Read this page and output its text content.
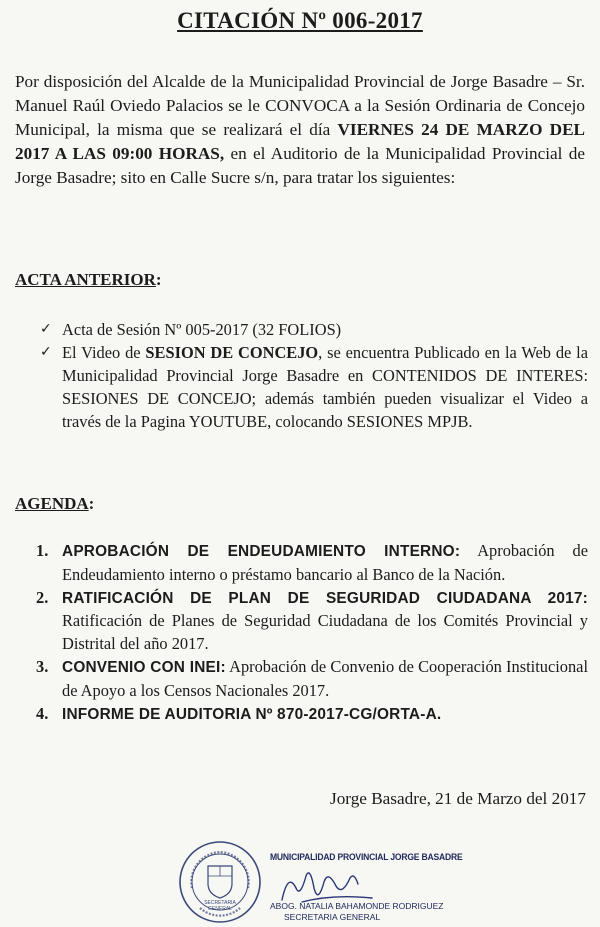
CITACIÓN Nº 006-2017
Por disposición del Alcalde de la Municipalidad Provincial de Jorge Basadre – Sr. Manuel Raúl Oviedo Palacios se le CONVOCA a la Sesión Ordinaria de Concejo Municipal, la misma que se realizará el día VIERNES 24 DE MARZO DEL 2017 A LAS 09:00 HORAS, en el Auditorio de la Municipalidad Provincial de Jorge Basadre; sito en Calle Sucre s/n, para tratar los siguientes:
ACTA ANTERIOR:
✓ Acta de Sesión Nº 005-2017 (32 FOLIOS)
✓ El Video de SESION DE CONCEJO, se encuentra Publicado en la Web de la Municipalidad Provincial Jorge Basadre en CONTENIDOS DE INTERES: SESIONES DE CONCEJO; además también pueden visualizar el Video a través de la Pagina YOUTUBE, colocando SESIONES MPJB.
AGENDA:
1. APROBACIÓN DE ENDEUDAMIENTO INTERNO: Aprobación de Endeudamiento interno o préstamo bancario al Banco de la Nación.
2. RATIFICACIÓN DE PLAN DE SEGURIDAD CIUDADANA 2017: Ratificación de Planes de Seguridad Ciudadana de los Comités Provincial y Distrital del año 2017.
3. CONVENIO CON INEI: Aprobación de Convenio de Cooperación Institucional de Apoyo a los Censos Nacionales 2017.
4. INFORME DE AUDITORIA Nº 870-2017-CG/ORTA-A.
Jorge Basadre, 21 de Marzo del 2017
SECRETARIA
GENERAL
MUNICIPALIDAD PROVINCIAL JORGE BASADRE
ABOG. NATALIA BAHAMONDE RODRIGUEZ
SECRETARIA GENERAL
